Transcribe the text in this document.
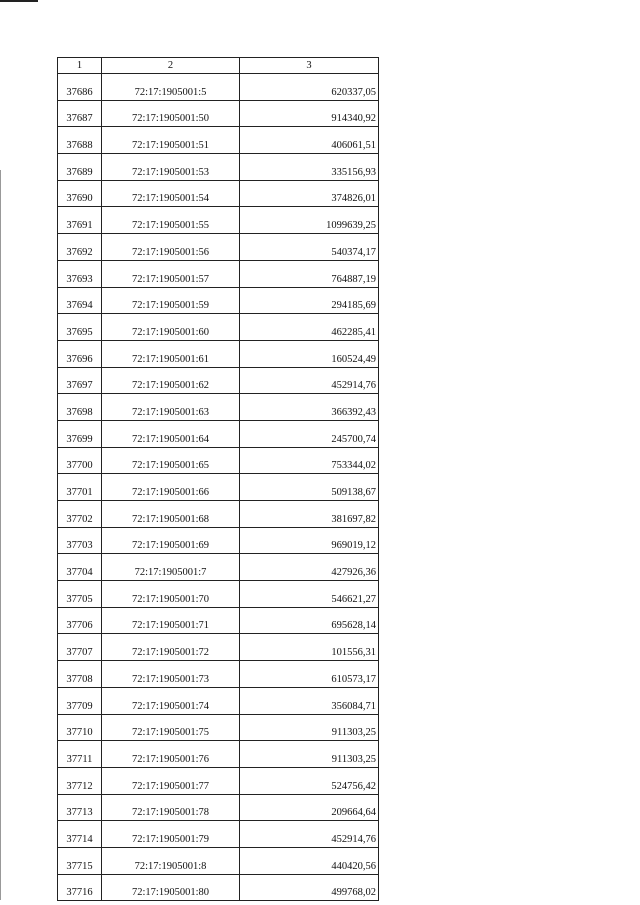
1	2	3
37686	72:17:1905001:5	620337,05
37687	72:17:1905001:50	914340,92
37688	72:17:1905001:51	406061,51
37689	72:17:1905001:53	335156,93
37690	72:17:1905001:54	374826,01
37691	72:17:1905001:55	1099639,25
37692	72:17:1905001:56	540374,17
37693	72:17:1905001:57	764887,19
37694	72:17:1905001:59	294185,69
37695	72:17:1905001:60	462285,41
37696	72:17:1905001:61	160524,49
37697	72:17:1905001:62	452914,76
37698	72:17:1905001:63	366392,43
37699	72:17:1905001:64	245700,74
37700	72:17:1905001:65	753344,02
37701	72:17:1905001:66	509138,67
37702	72:17:1905001:68	381697,82
37703	72:17:1905001:69	969019,12
37704	72:17:1905001:7	427926,36
37705	72:17:1905001:70	546621,27
37706	72:17:1905001:71	695628,14
37707	72:17:1905001:72	101556,31
37708	72:17:1905001:73	610573,17
37709	72:17:1905001:74	356084,71
37710	72:17:1905001:75	911303,25
37711	72:17:1905001:76	911303,25
37712	72:17:1905001:77	524756,42
37713	72:17:1905001:78	209664,64
37714	72:17:1905001:79	452914,76
37715	72:17:1905001:8	440420,56
37716	72:17:1905001:80	499768,02
